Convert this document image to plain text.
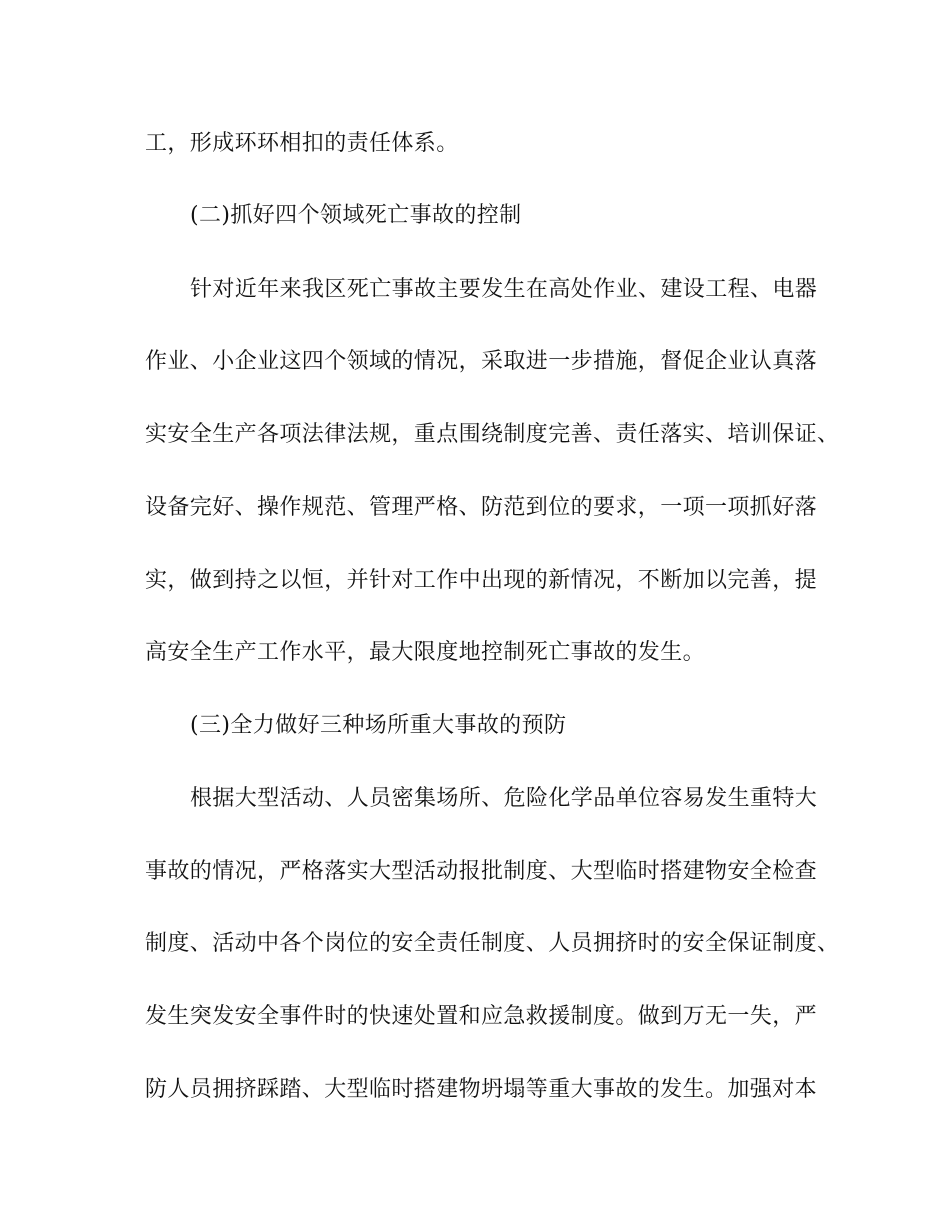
工，形成环环相扣的责任体系。
(二)抓好四个领域死亡事故的控制
针对近年来我区死亡事故主要发生在高处作业、建设工程、电器
作业、小企业这四个领域的情况，采取进一步措施，督促企业认真落
实安全生产各项法律法规，重点围绕制度完善、责任落实、培训保证、
设备完好、操作规范、管理严格、防范到位的要求，一项一项抓好落
实，做到持之以恒，并针对工作中出现的新情况，不断加以完善，提
高安全生产工作水平，最大限度地控制死亡事故的发生。
(三)全力做好三种场所重大事故的预防
根据大型活动、人员密集场所、危险化学品单位容易发生重特大
事故的情况，严格落实大型活动报批制度、大型临时搭建物安全检查
制度、活动中各个岗位的安全责任制度、人员拥挤时的安全保证制度、
发生突发安全事件时的快速处置和应急救援制度。做到万无一失，严
防人员拥挤踩踏、大型临时搭建物坍塌等重大事故的发生。加强对本
